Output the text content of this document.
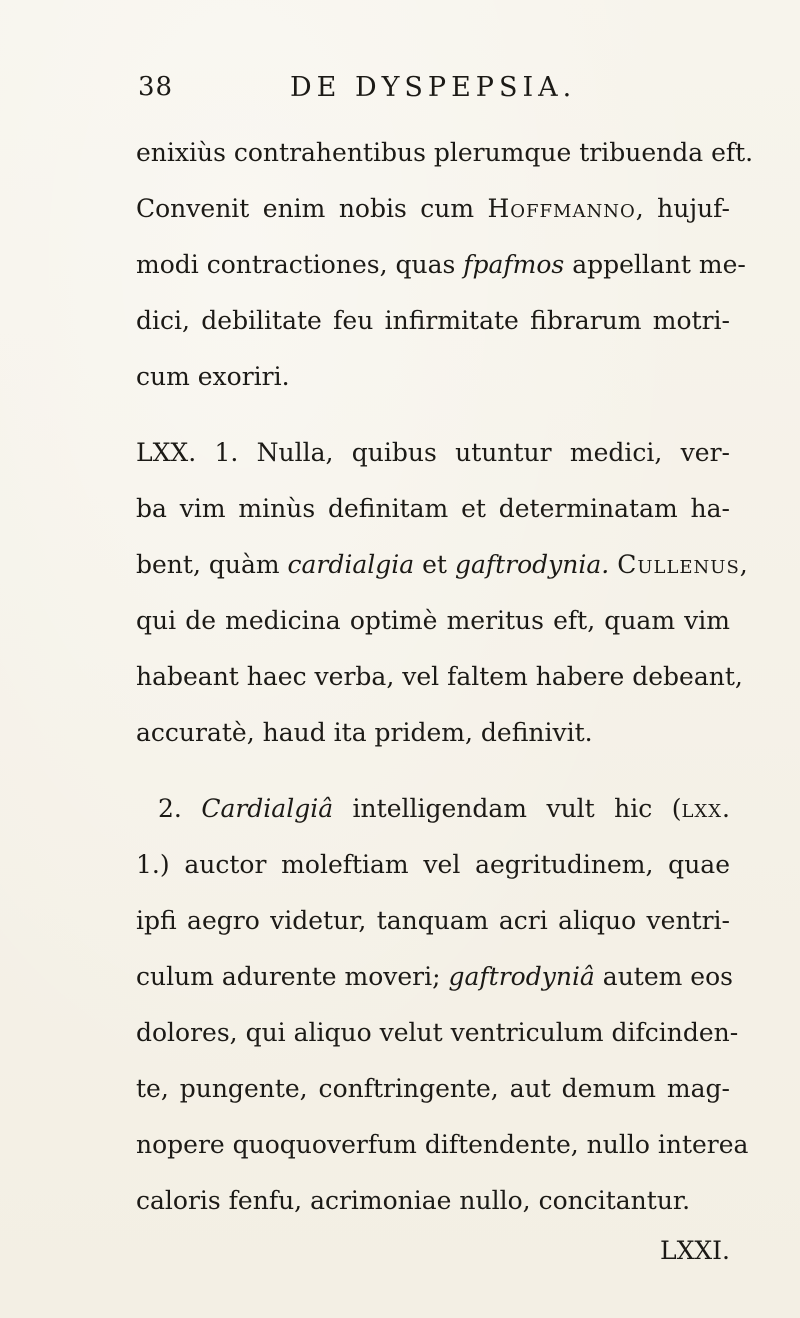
38	DE DYSPEPSIA.
enixiùs contrahentibus plerumque tribuenda eft.
Convenit enim nobis cum Hoffmanno, hujuf-
modi contractiones, quas fpafmos appellant me-
dici, debilitate feu infirmitate fibrarum motri-
cum exoriri.
LXX. 1. Nulla, quibus utuntur medici, ver-
ba vim minùs definitam et determinatam ha-
bent, quàm cardialgia et gaftrodynia. Cullenus,
qui de medicina optimè meritus eft, quam vim
habeant haec verba, vel faltem habere debeant,
accuratè, haud ita pridem, definivit.
2. Cardialgiâ intelligendam vult hic (lxx.
1.) auctor moleftiam vel aegritudinem, quae
ipfi aegro videtur, tanquam acri aliquo ventri-
culum adurente moveri; gaftrodyniâ autem eos
dolores, qui aliquo velut ventriculum difcinden-
te, pungente, conftringente, aut demum mag-
nopere quoquoverfum diftendente, nullo interea
caloris fenfu, acrimoniae nullo, concitantur.
LXXI.
